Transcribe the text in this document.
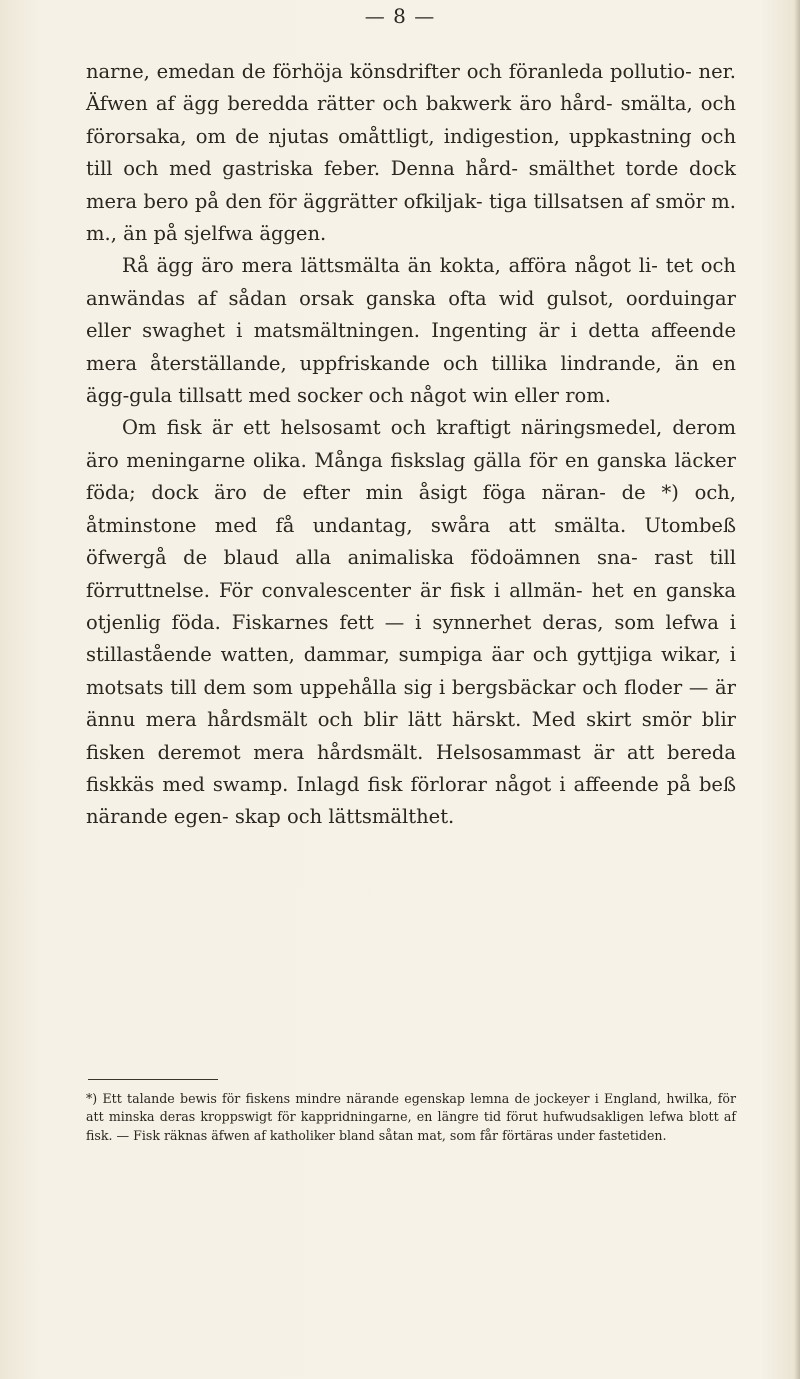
— 8 —

narne, emedan de förhöja könsdrifter och föranleda pollutio- ner. Äfwen af ägg beredda rätter och bakwerk äro hård- smälta, och förorsaka, om de njutas omåttligt, indigestion, uppkastning och till och med gastriska feber. Denna hård- smälthet torde dock mera bero på den för äggrätter ofkiljak- tiga tillsatsen af smör m. m., än på sjelfwa äggen.

Rå ägg äro mera lättsmälta än kokta, afföra något li- tet och anwändas af sådan orsak ganska ofta wid gulsot, oorduingar eller swaghet i matsmältningen. Ingenting är i detta affeende mera återställande, uppfriskande och tillika lindrande, än en ägg-gula tillsatt med socker och något win eller rom.

Om fisk är ett helsosamt och kraftigt näringsmedel, derom äro meningarne olika. Många fiskslag gälla för en ganska läcker föda; dock äro de efter min åsigt föga näran- de *) och, åtminstone med få undantag, swåra att smälta. Utombeß öfwergå de blaud alla animaliska födoämnen sna- rast till förruttnelse. För convalescenter är fisk i allmän- het en ganska otjenlig föda. Fiskarnes fett — i synnerhet deras, som lefwa i stillastående watten, dammar, sumpiga äar och gyttjiga wikar, i motsats till dem som uppehålla sig i bergsbäckar och floder — är ännu mera hårdsmält och blir lätt härskt. Med skirt smör blir fisken deremot mera hårdsmält. Helsosammast är att bereda fiskkäs med swamp. Inlagd fisk förlorar något i affeende på beß närande egen- skap och lättsmälthet.

*) Ett talande bewis för fiskens mindre närande egenskap lemna de jockeyer i England, hwilka, för att minska deras kroppswigt för kappridningarne, en längre tid förut hufwudsakligen lefwa blott af fisk. — Fisk räknas äfwen af katholiker bland såtan mat, som får förtäras under fastetiden.
